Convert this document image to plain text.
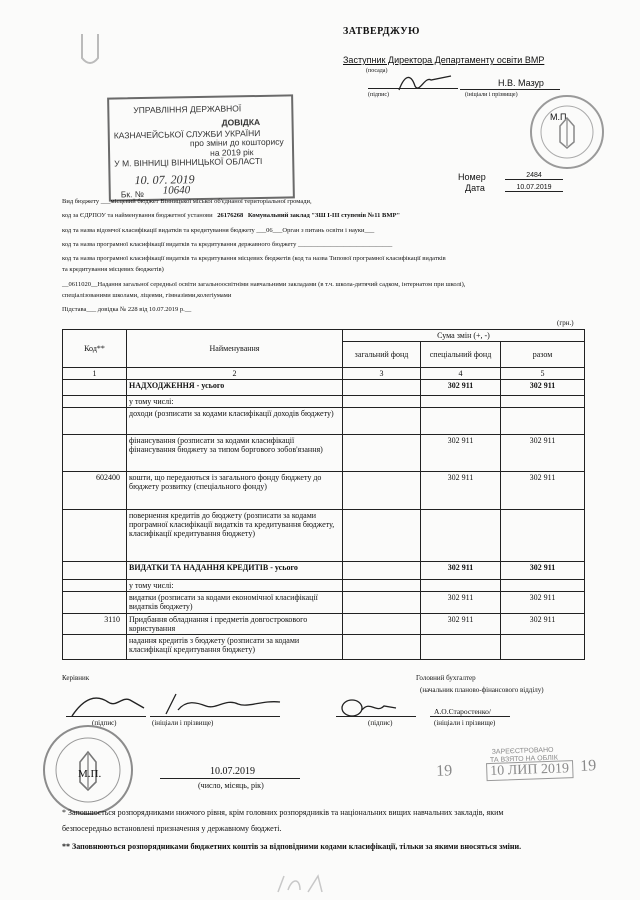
ЗАТВЕРДЖУЮ
Заступник Директора Департаменту освіти ВМР
(посада)
Н.В. Мазур
(підпис)	(ініціали і прізвище)
М.П.
УПРАВЛІННЯ ДЕРЖАВНОЇ
ДОВІДКА
КАЗНАЧЕЙСЬКОЇ СЛУЖБИ УКРАЇНИ
про зміни до кошторису
на 2019 рік
У М. ВІННИЦІ ВІННИЦЬКОЇ ОБЛАСТІ
10. 07. 2019
Бк. № 10640
Номер	2484
Дата	10.07.2019
Вид бюджету ___місцевий бюджет Вінницької міської об'єднаної територіальної громади,
код за ЄДРПОУ та найменування бюджетної установи 26176268 Комунальний заклад "ЗШ І-ІІІ ступенів №11 ВМР"
код та назва відомчої класифікації видатків та кредитування бюджету ___06___Орган з питань освіти і науки___
код та назва програмної класифікації видатків та кредитування державного бюджету _____________________________
код та назва програмної класифікації видатків та кредитування місцевих бюджетів (код та назва Типової програмної класифікації видатків
та кредитування місцевих бюджетів)
__0611020__Надання загальної середньої освіти загальноосвітніми навчальними закладами (в т.ч. школа-дитячий садком, інтернатом при школі),
спеціалізованими школами, ліцеями, гімназіями,колегіумами
Підстава___ довідка № 228 від 10.07.2019 р.__
(грн.)
Код**	Найменування	Сума змін (+, -)		
		загальний фонд	спеціальний фонд	разом
1	2	3	4	5
	НАДХОДЖЕННЯ - усього		302 911	302 911
	у тому числі:			
	доходи (розписати за кодами класифікації доходів бюджету)			
	фінансування (розписати за кодами класифікації фінансування бюджету за типом боргового зобов'язання)		302 911	302 911
602400	кошти, що передаються із загального фонду бюджету до бюджету розвитку (спеціального фонду)		302 911	302 911
	повернення кредитів до бюджету (розписати за кодами програмної класифікації видатків та кредитування бюджету, класифікації кредитування бюджету)			
	ВИДАТКИ ТА НАДАННЯ КРЕДИТІВ - усього		302 911	302 911
	у тому числі:			
	видатки (розписати за кодами економічної класифікації видатків бюджету)		302 911	302 911
3110	Придбання обладнання і предметів довгострокового користування		302 911	302 911
	надання кредитів з бюджету (розписати за кодами класифікації кредитування бюджету)			
Керівник	Головний бухгалтер
(начальник планово-фінансового відділу)
(підпис)	(ініціали і прізвище)	(підпис)
А.О.Старостенко/
(ініціали і прізвище)
М.П.	10.07.2019
(число, місяць, рік)
ЗАРЕЄСТРОВАНО
ТА ВЗЯТО НА ОБЛІК
19	10 ЛИП 2019 19
* Заповнюється розпорядниками нижчого рівня, крім головних розпорядників та національних вищих навчальних закладів, яким
безпосередньо встановлені призначення у державному бюджеті.
** Заповнюються розпорядниками бюджетних коштів за відповідними кодами класифікації, тільки за якими вносяться зміни.
